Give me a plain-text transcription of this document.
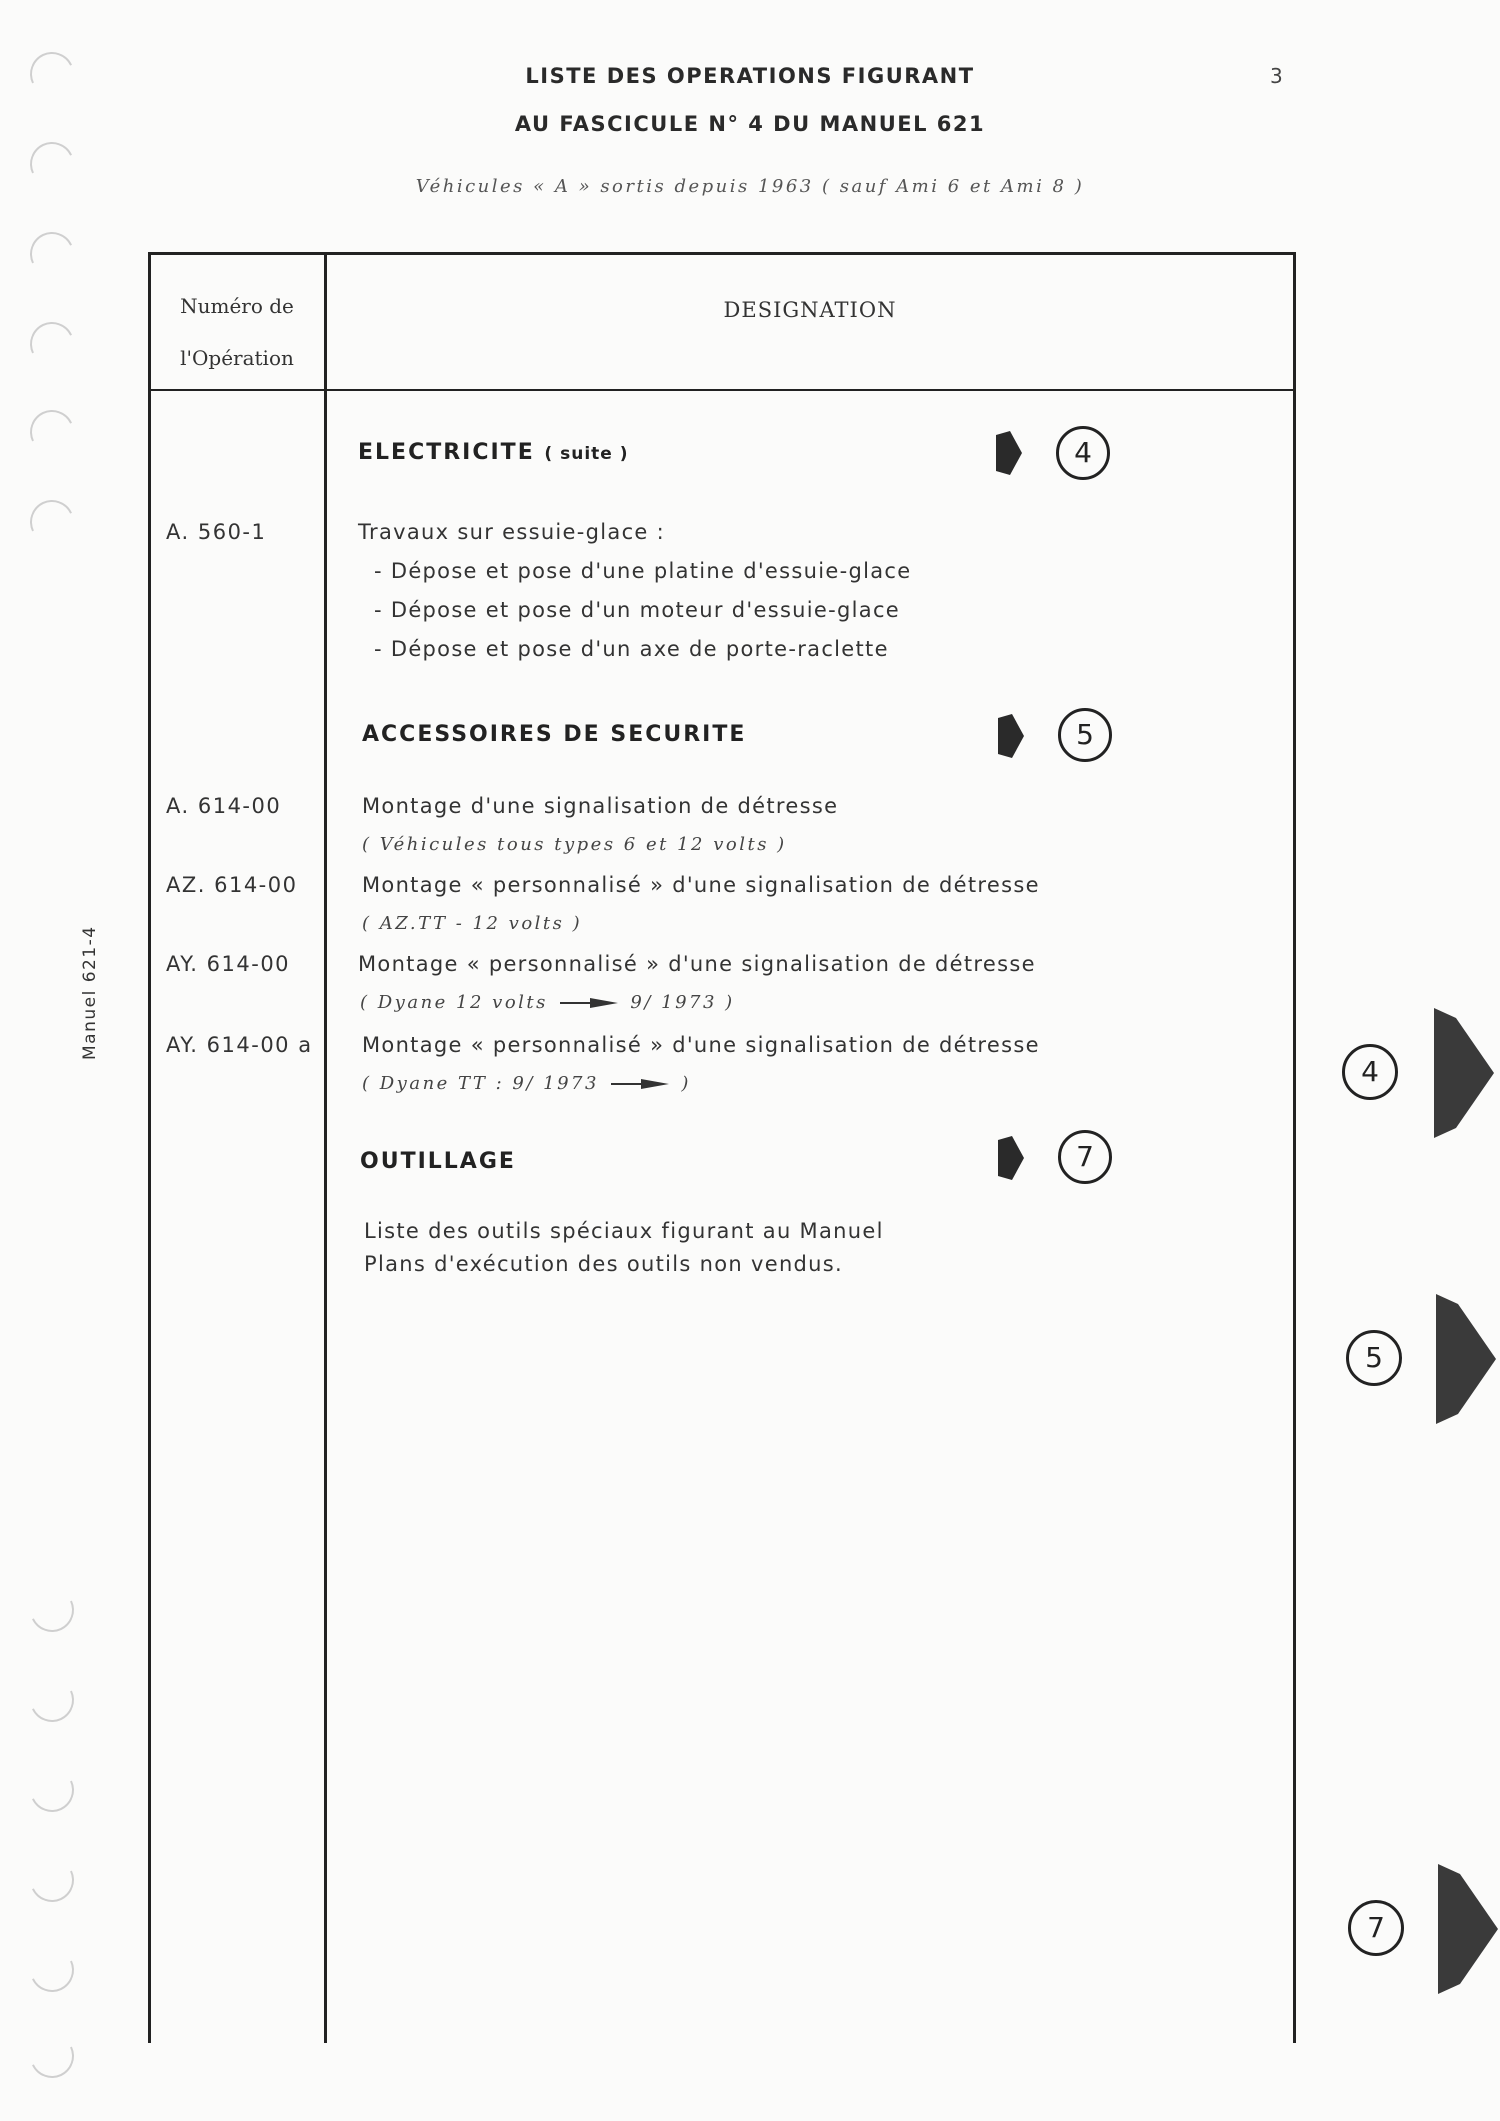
LISTE DES OPERATIONS FIGURANT
AU FASCICULE N° 4 DU MANUEL 621
Véhicules « A » sortis depuis 1963 ( sauf Ami 6 et Ami 8 )
3
Manuel 621-4
Numéro de
l'Opération
DESIGNATION
ELECTRICITE ( suite )	4
A. 560-1	Travaux sur essuie-glace :
- Dépose et pose d'une platine d'essuie-glace
- Dépose et pose d'un moteur d'essuie-glace
- Dépose et pose d'un axe de porte-raclette
ACCESSOIRES DE SECURITE	5
A. 614-00	Montage d'une signalisation de détresse
( Véhicules tous types 6 et 12 volts )
AZ. 614-00	Montage « personnalisé » d'une signalisation de détresse
( AZ.TT - 12 volts )
AY. 614-00	Montage « personnalisé » d'une signalisation de détresse
( Dyane 12 volts	9/ 1973 )
AY. 614-00 a Montage « personnalisé » d'une signalisation de détresse
( Dyane TT : 9/ 1973	)
OUTILLAGE	7
Liste des outils spéciaux figurant au Manuel
Plans d'exécution des outils non vendus.
4
5
7
